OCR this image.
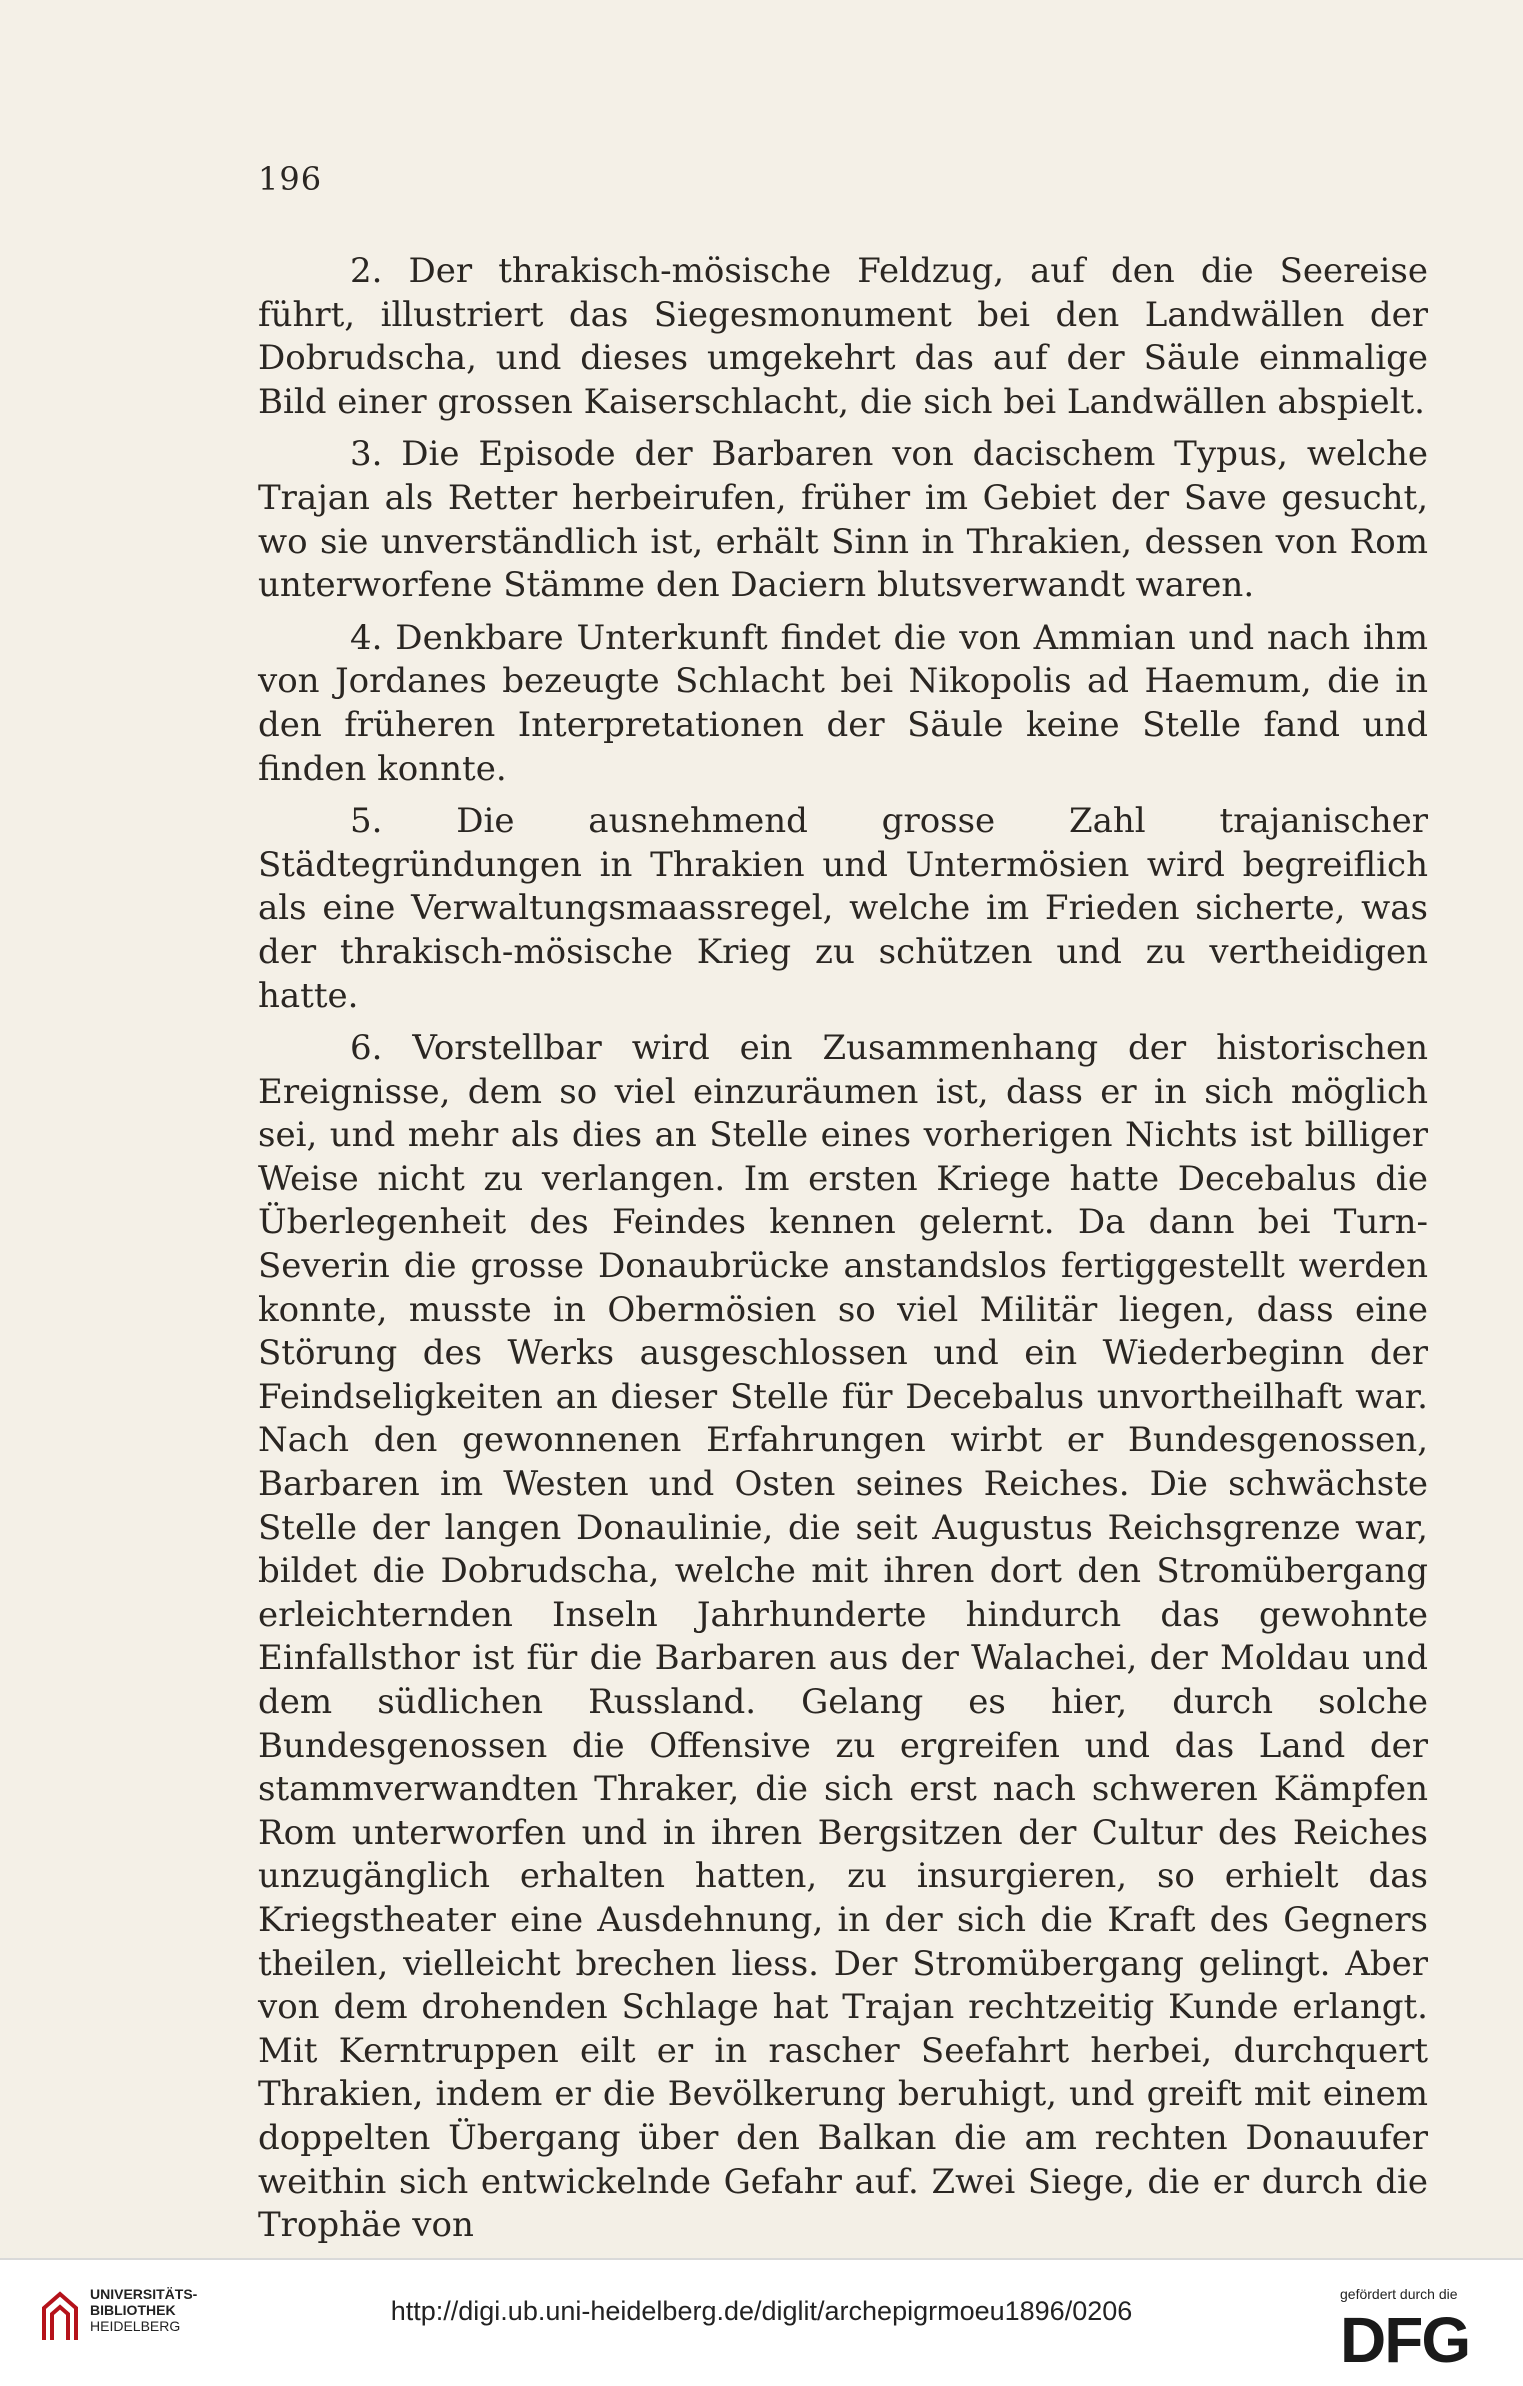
196

2. Der thrakisch-mösische Feldzug, auf den die Seereise führt, illustriert das Siegesmonument bei den Landwällen der Dobrudscha, und dieses umgekehrt das auf der Säule einmalige Bild einer grossen Kaiserschlacht, die sich bei Landwällen abspielt.

3. Die Episode der Barbaren von dacischem Typus, welche Trajan als Retter herbeirufen, früher im Gebiet der Save gesucht, wo sie unverständlich ist, erhält Sinn in Thrakien, dessen von Rom unterworfene Stämme den Daciern blutsverwandt waren.

4. Denkbare Unterkunft findet die von Ammian und nach ihm von Jordanes bezeugte Schlacht bei Nikopolis ad Haemum, die in den früheren Interpretationen der Säule keine Stelle fand und finden konnte.

5. Die ausnehmend grosse Zahl trajanischer Städtegründungen in Thrakien und Untermösien wird begreiflich als eine Verwaltungsmaassregel, welche im Frieden sicherte, was der thrakisch-mösische Krieg zu schützen und zu vertheidigen hatte.

6. Vorstellbar wird ein Zusammenhang der historischen Ereignisse, dem so viel einzuräumen ist, dass er in sich möglich sei, und mehr als dies an Stelle eines vorherigen Nichts ist billiger Weise nicht zu verlangen. Im ersten Kriege hatte Decebalus die Überlegenheit des Feindes kennen gelernt. Da dann bei Turn-Severin die grosse Donaubrücke anstandslos fertiggestellt werden konnte, musste in Obermösien so viel Militär liegen, dass eine Störung des Werks ausgeschlossen und ein Wiederbeginn der Feindseligkeiten an dieser Stelle für Decebalus unvortheilhaft war. Nach den gewonnenen Erfahrungen wirbt er Bundesgenossen, Barbaren im Westen und Osten seines Reiches. Die schwächste Stelle der langen Donaulinie, die seit Augustus Reichsgrenze war, bildet die Dobrudscha, welche mit ihren dort den Stromübergang erleichternden Inseln Jahrhunderte hindurch das gewohnte Einfallsthor ist für die Barbaren aus der Walachei, der Moldau und dem südlichen Russland. Gelang es hier, durch solche Bundesgenossen die Offensive zu ergreifen und das Land der stammverwandten Thraker, die sich erst nach schweren Kämpfen Rom unterworfen und in ihren Bergsitzen der Cultur des Reiches unzugänglich erhalten hatten, zu insurgieren, so erhielt das Kriegstheater eine Ausdehnung, in der sich die Kraft des Gegners theilen, vielleicht brechen liess. Der Stromübergang gelingt. Aber von dem drohenden Schlage hat Trajan rechtzeitig Kunde erlangt. Mit Kerntruppen eilt er in rascher Seefahrt herbei, durchquert Thrakien, indem er die Bevölkerung beruhigt, und greift mit einem doppelten Übergang über den Balkan die am rechten Donauufer weithin sich entwickelnde Gefahr auf. Zwei Siege, die er durch die Trophäe von

UNIVERSITÄTS-
BIBLIOTHEK
HEIDELBERG	http://digi.ub.uni-heidelberg.de/diglit/archepigrmoeu1896/0206
gefördert durch die
DFG
